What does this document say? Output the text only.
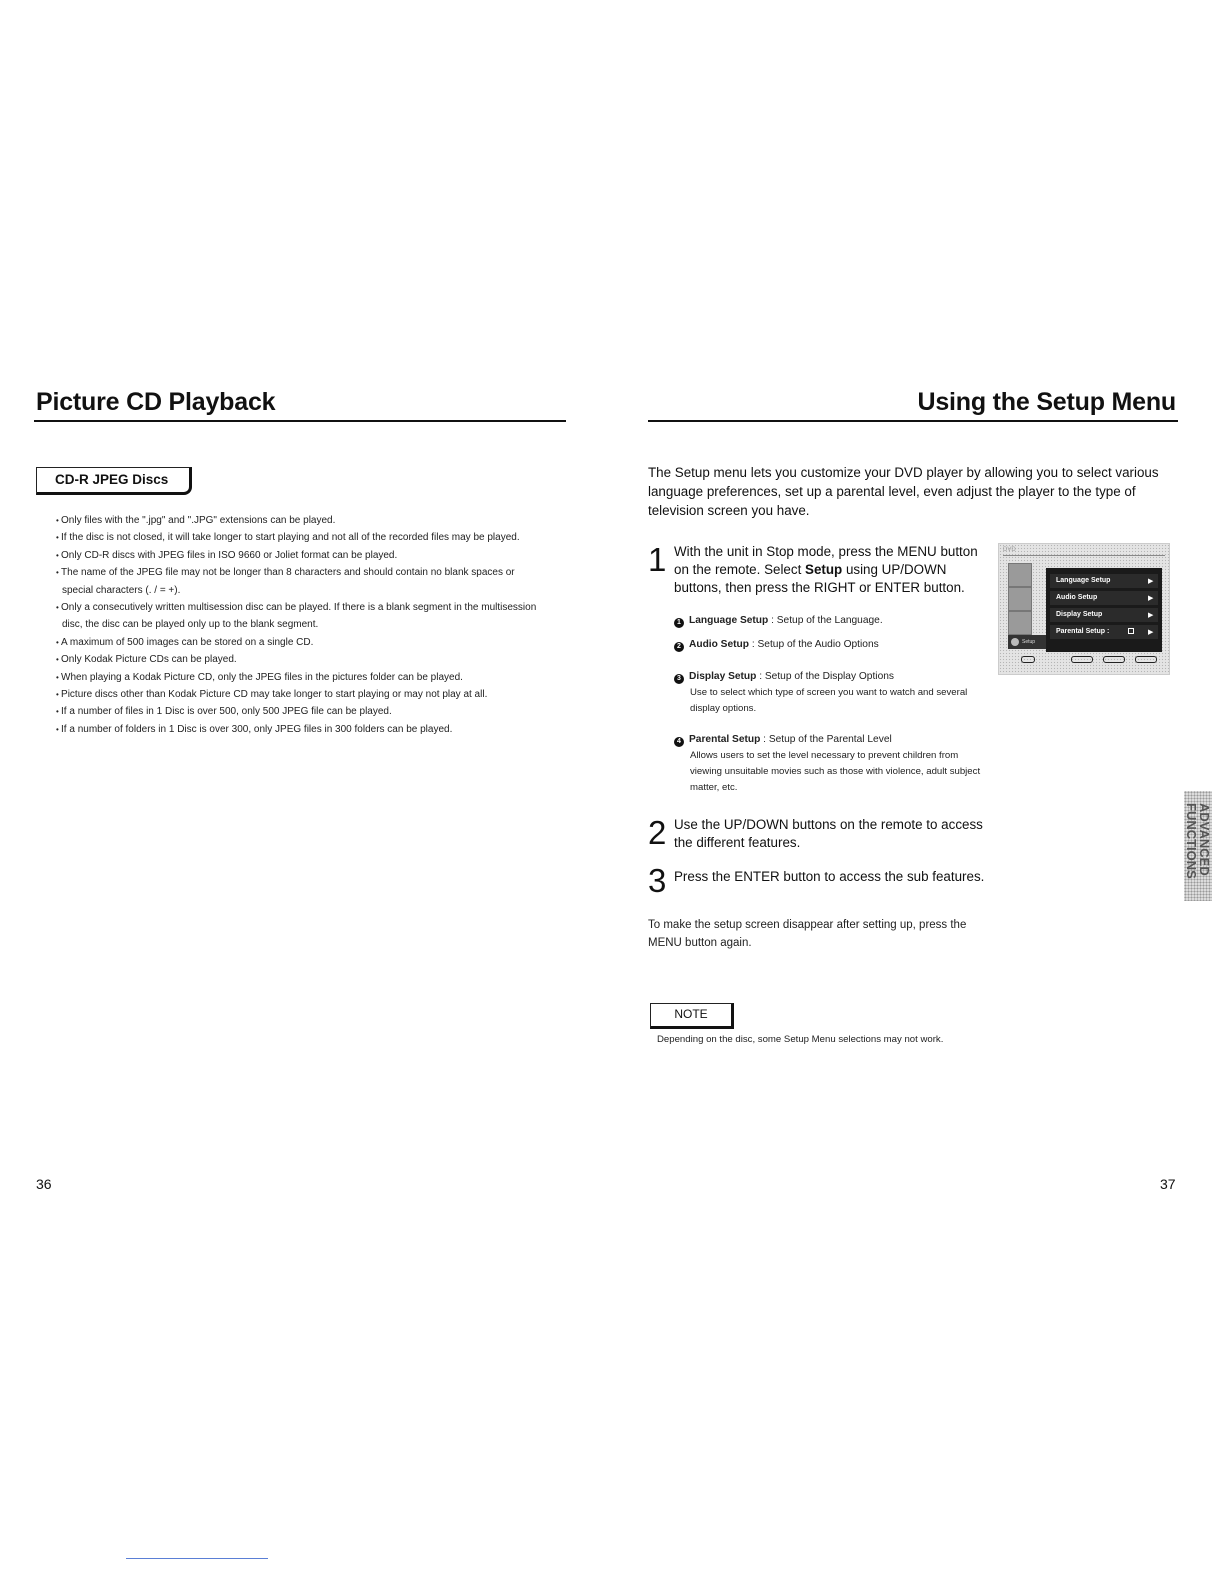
Picture CD Playback
CD-R JPEG Discs
• Only files with the ".jpg" and ".JPG" extensions can be played.
• If the disc is not closed, it will take longer to start playing and not all of the recorded files may be played.
• Only CD-R discs with JPEG files in ISO 9660 or Joliet format can be played.
• The name of the JPEG file may not be longer than 8 characters and should contain no blank spaces or special characters (. / = +).
• Only a consecutively written multisession disc can be played. If there is a blank segment in the multisession disc, the disc can be played only up to the blank segment.
• A maximum of 500 images can be stored on a single CD.
• Only Kodak Picture CDs can be played.
• When playing a Kodak Picture CD, only the JPEG files in the pictures folder can be played.
• Picture discs other than Kodak Picture CD may take longer to start playing or may not play at all.
• If a number of files in 1 Disc is over 500, only 500 JPEG file can be played.
• If a number of folders in 1 Disc is over 300, only JPEG files in 300 folders can be played.
36
Using the Setup Menu
The Setup menu lets you customize your DVD player by allowing you to select various language preferences, set up a parental level, even adjust the player to the type of television screen you have.
1 With the unit in Stop mode, press the MENU button on the remote. Select Setup using UP/DOWN buttons, then press the RIGHT or ENTER button.
1 Language Setup : Setup of the Language.
2 Audio Setup : Setup of the Audio Options
3 Display Setup : Setup of the Display Options
Use to select which type of screen you want to watch and several display options.
4 Parental Setup : Setup of the Parental Level
Allows users to set the level necessary to prevent children from viewing unsuitable movies such as those with violence, adult subject matter, etc.
DVD
Setup
Language Setup
Audio Setup
Display Setup
Parental Setup :
▶
▶
▶
▶
2 Use the UP/DOWN buttons on the remote to access the different features.
3 Press the ENTER button to access the sub features.
To make the setup screen disappear after setting up, press the MENU button again.
NOTE
Depending on the disc, some Setup Menu selections may not work.
ADVANCED
FUNCTIONS
37
